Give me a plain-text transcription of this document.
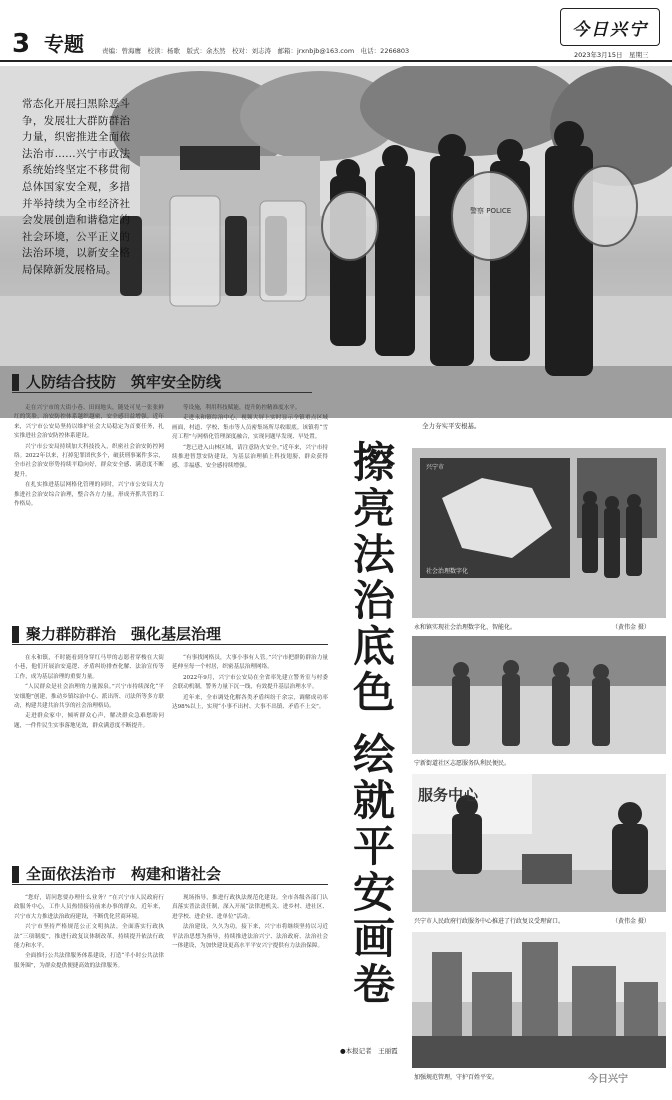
3 专题	责编：曾海鹰　校读：杨歌　版式：余杰然　校对：刘志涛　邮箱：jrxnbjb@163.com　电话：2266803
今日兴宁
2023年3月15日　星期三
警察 POLICE
常态化开展扫黑除恶斗争，发展壮大群防群治力量，织密推进全面依法治市……兴宁市政法系统始终坚定不移贯彻总体国家安全观，多措并举持续为全市经济社会发展创造和谐稳定的社会环境，公平正义的法治环境，以新安全格局保障新发展格局。
全力夯实平安根基。
人防结合技防　筑牢安全防线

走在兴宁市的大街小巷、田间地头，随处可见一张张鲜红的笑脸，治安防控体系越织越密，安全感日益增强。近年来，兴宁市公安局坚持以维护社会大局稳定为首要任务，扎实推进社会治安防控体系建设。

兴宁市公安局持续加大科技投入，织密社会治安防控网络。2022年以来，打掉犯罪团伙多个，破获刑事案件多宗，全市社会治安形势持续平稳向好，群众安全感、满意度不断提升。

在扎实推进基层网格化管理的同时，兴宁市公安局大力推进社会治安综合治理，整合各方力量，形成齐抓共管的工作格局。

等设施，利用科技赋能，提升防控精准度水平。

走进永和镇综治中心，视频大屏上实时显示全镇重点区域画面，村道、学校、集市等人员密集场所尽收眼底。该镇将“雪亮工程”与网格化管理深度融合，实现问题早发现、早处置。

“您已进入山林区域，请注意防火安全。”近年来，兴宁市持续推进智慧安防建设，为基层治理插上科技翅膀，群众获得感、幸福感、安全感持续增强。

聚力群防群治　强化基层治理

在永和镇，不时能看到身穿红马甲的志愿者穿梭在大街小巷，他们开展治安巡逻、矛盾纠纷排查化解、法治宣传等工作，成为基层治理的重要力量。

“人民群众是社会治理的力量源泉。”兴宁市持续深化“平安细胞”创建，推动乡镇综治中心、派出所、司法所等多方联动，构建共建共治共享的社会治理格局。

走进群众家中，倾听群众心声，解决群众急难愁盼问题，一件件民生实事落地见效，群众满意度不断提升。

“有事找网格员，大事小事有人管。”兴宁市把群防群治力量延伸至每一个村居，织密基层治理网络。

2022年9月，兴宁市公安局在全省率先建立警务室与村委会联动机制，警务力量下沉一线，有效提升基层治理水平。

近年来，全市调处化解各类矛盾纠纷千余宗，调解成功率达98%以上，实现“小事不出村、大事不出镇、矛盾不上交”。

全面依法治市　构建和谐社会

“您好，请问您要办理什么业务？”在兴宁市人民政府行政服务中心，工作人员热情接待前来办事的群众。近年来，兴宁市大力推进法治政府建设，不断优化营商环境。

兴宁市坚持严格规范公正文明执法，全面落实行政执法“三项制度”，推进行政复议体制改革，持续提升依法行政能力和水平。

全面推行公共法律服务体系建设，打造“半小时公共法律服务圈”，为群众提供便捷高效的法律服务。

现场指导，推进行政执法规范化建设。全市各级各部门认真落实普法责任制，深入开展“法律进机关、进乡村、进社区、进学校、进企业、进单位”活动。

法治建设，久久为功。接下来，兴宁市将继续坚持以习近平法治思想为指导，持续推进法治兴宁、法治政府、法治社会一体建设，为加快建设更高水平平安兴宁提供有力法治保障。

擦亮法治底色
绘就平安画卷
●本报记者　王丽霞
兴宁市
社会治理数字化
永和镇实现社会治理数字化、智能化。	（黄伟金 摄）
宁新街道社区志愿服务队利民便民。
服务中心
兴宁市人民政府行政服务中心推进了行政复议受理窗口。	（黄伟金 摄）
加强规范管理，守护百姓平安。	今日兴宁
